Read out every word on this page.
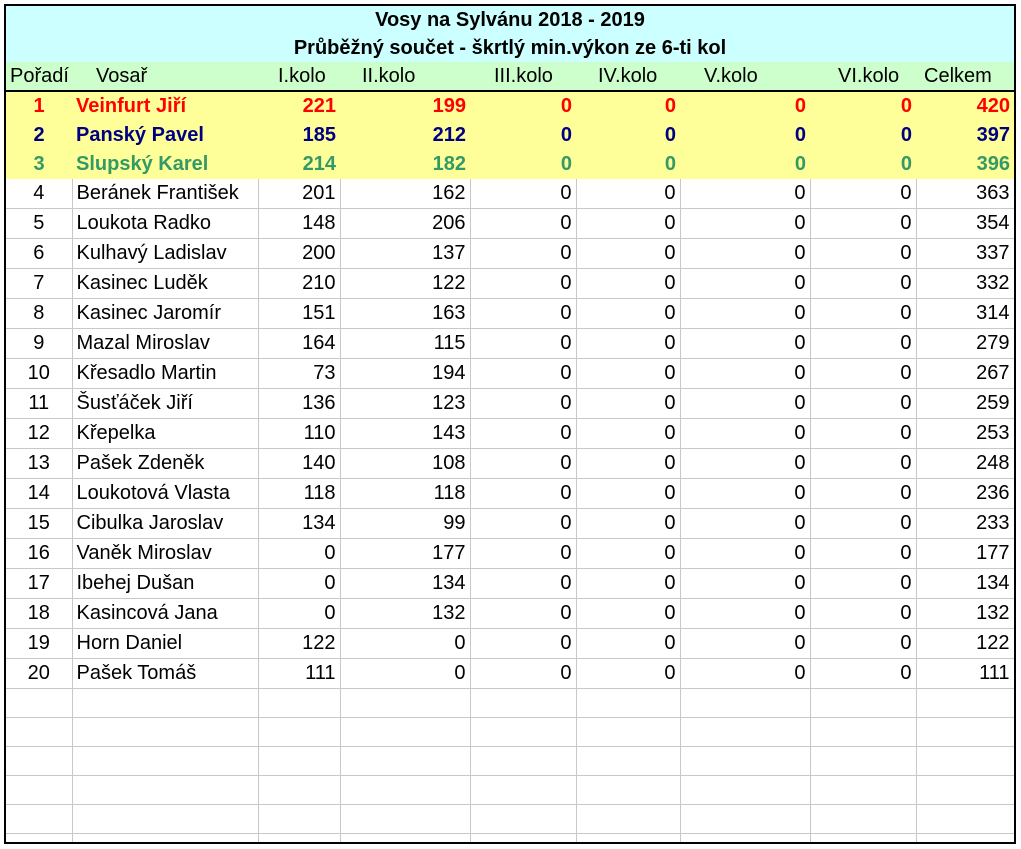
Vosy na Sylvánu 2018 - 2019
Průběžný součet - škrtlý min.výkon ze 6-ti kol
Pořadí	Vosař	I.kolo	II.kolo	III.kolo	IV.kolo	V.kolo	VI.kolo	Celkem
1	Veinfurt Jiří	221	199	0	0	0	0	420
2	Panský Pavel	185	212	0	0	0	0	397
3	Slupský Karel	214	182	0	0	0	0	396
4	Beránek František	201	162	0	0	0	0	363
5	Loukota Radko	148	206	0	0	0	0	354
6	Kulhavý Ladislav	200	137	0	0	0	0	337
7	Kasinec Luděk	210	122	0	0	0	0	332
8	Kasinec Jaromír	151	163	0	0	0	0	314
9	Mazal Miroslav	164	115	0	0	0	0	279
10	Křesadlo Martin	73	194	0	0	0	0	267
11	Šusťáček Jiří	136	123	0	0	0	0	259
12	Křepelka	110	143	0	0	0	0	253
13	Pašek Zdeněk	140	108	0	0	0	0	248
14	Loukotová Vlasta	118	118	0	0	0	0	236
15	Cibulka Jaroslav	134	99	0	0	0	0	233
16	Vaněk Miroslav	0	177	0	0	0	0	177
17	Ibehej Dušan	0	134	0	0	0	0	134
18	Kasincová Jana	0	132	0	0	0	0	132
19	Horn Daniel	122	0	0	0	0	0	122
20	Pašek Tomáš	111	0	0	0	0	0	111
